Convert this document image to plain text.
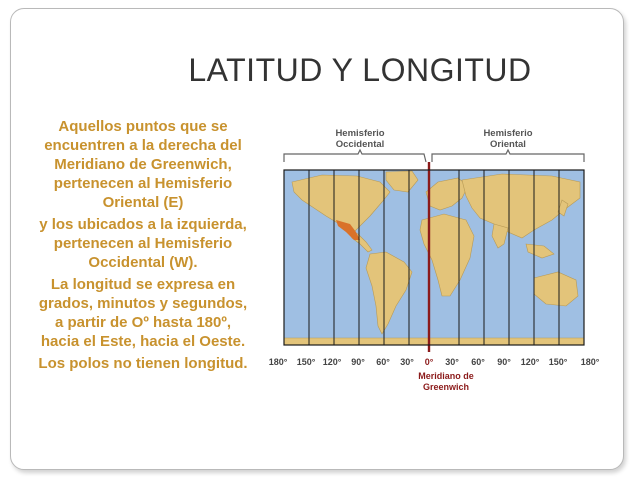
LATITUD Y LONGITUD

Aquellos puntos que se encuentren a la derecha del Meridiano de Greenwich, pertenecen al Hemisferio Oriental (E)

y los ubicados a la izquierda, pertenecen al Hemisferio Occidental (W).

La longitud se expresa en grados, minutos y segundos, a partir de Oº hasta 180º, hacia el Este, hacia el Oeste.

Los polos no tienen longitud.

Hemisferio
Occidental
Hemisferio
Oriental
180° 150° 120° 90° 60° 30° 0° 30° 60° 90° 120° 150° 180°
Meridiano de
Greenwich
